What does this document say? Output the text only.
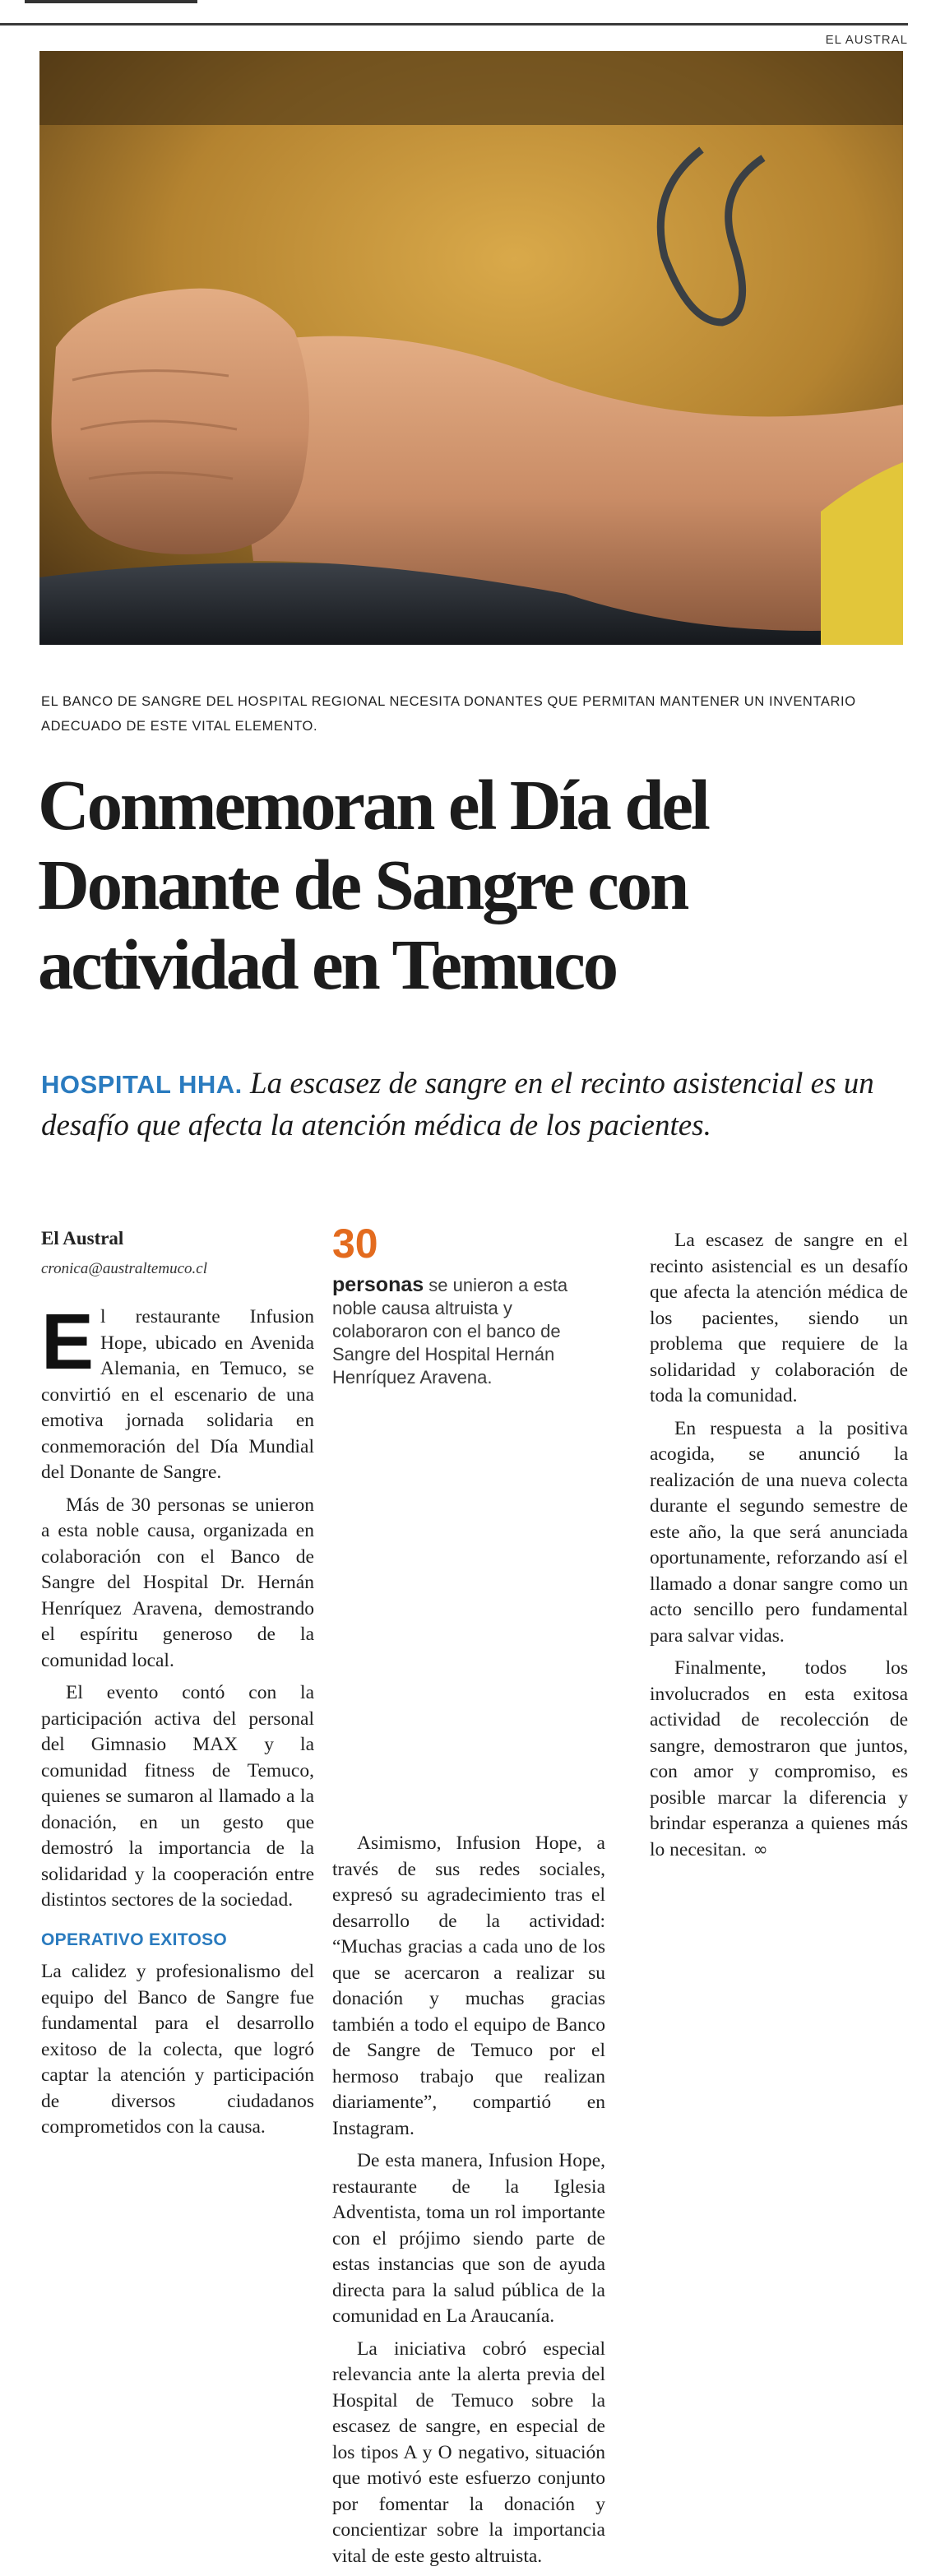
EL AUSTRAL
EL BANCO DE SANGRE DEL HOSPITAL REGIONAL NECESITA DONANTES QUE PERMITAN MANTENER UN INVENTARIO ADECUADO DE ESTE VITAL ELEMENTO.
Conmemoran el Día del Donante de Sangre con actividad en Temuco
HOSPITAL HHA. La escasez de sangre en el recinto asistencial es un desafío que afecta la atención médica de los pacientes.
El Austral
cronica@australtemuco.cl
30
personas se unieron a esta noble causa altruista y colaboraron con el banco de Sangre del Hospital Hernán Henríquez Aravena.

El restaurante Infusion Hope, ubicado en Avenida Alemania, en Temuco, se convirtió en el escenario de una emotiva jornada solidaria en conmemoración del Día Mundial del Donante de Sangre.

Más de 30 personas se unieron a esta noble causa, organizada en colaboración con el Banco de Sangre del Hospital Dr. Hernán Henríquez Aravena, demostrando el espíritu generoso de la comunidad local.

El evento contó con la participación activa del personal del Gimnasio MAX y la comunidad fitness de Temuco, quienes se sumaron al llamado a la donación, en un gesto que demostró la importancia de la solidaridad y la cooperación entre distintos sectores de la sociedad.

OPERATIVO EXITOSO

La calidez y profesionalismo del equipo del Banco de Sangre fue fundamental para el desarrollo exitoso de la colecta, que logró captar la atención y participación de diversos ciudadanos comprometidos con la causa.

Asimismo, Infusion Hope, a través de sus redes sociales, expresó su agradecimiento tras el desarrollo de la actividad: “Muchas gracias a cada uno de los que se acercaron a realizar su donación y muchas gracias también a todo el equipo de Banco de Sangre de Temuco por el hermoso trabajo que realizan diariamente”, compartió en Instagram.

De esta manera, Infusion Hope, restaurante de la Iglesia Adventista, toma un rol importante con el prójimo siendo parte de estas instancias que son de ayuda directa para la salud pública de la comunidad en La Araucanía.

La iniciativa cobró especial relevancia ante la alerta previa del Hospital de Temuco sobre la escasez de sangre, en especial de los tipos A y O negativo, situación que motivó este esfuerzo conjunto por fomentar la donación y concientizar sobre la importancia vital de este gesto altruista.

La escasez de sangre en el recinto asistencial es un desafío que afecta la atención médica de los pacientes, siendo un problema que requiere de la solidaridad y colaboración de toda la comunidad.

En respuesta a la positiva acogida, se anunció la realización de una nueva colecta durante el segundo semestre de este año, la que será anunciada oportunamente, reforzando así el llamado a donar sangre como un acto sencillo pero fundamental para salvar vidas.

Finalmente, todos los involucrados en esta exitosa actividad de recolección de sangre, demostraron que juntos, con amor y compromiso, es posible marcar la diferencia y brindar esperanza a quienes más lo necesitan. ∞
